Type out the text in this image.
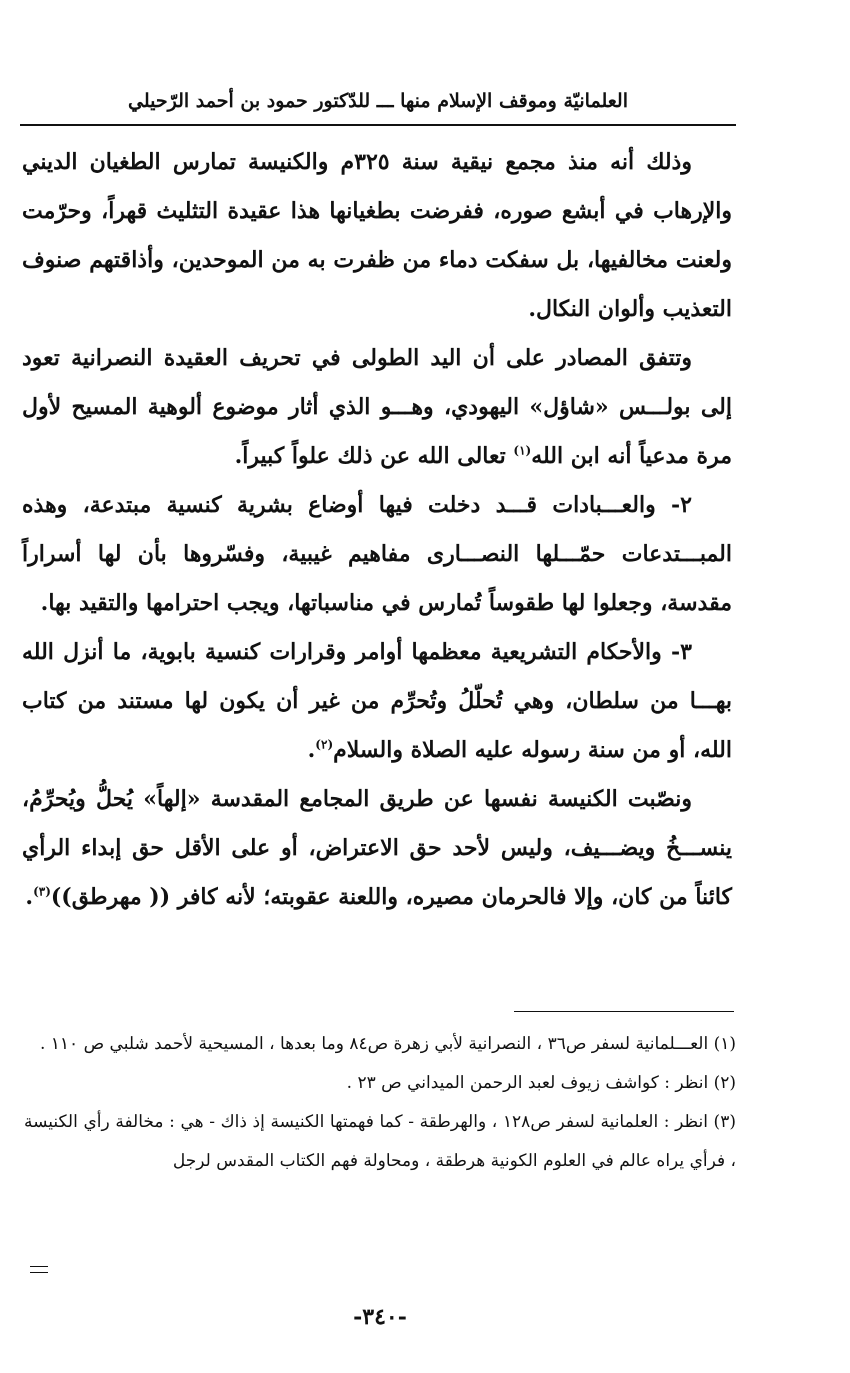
العلمانيّة وموقف الإسلام منها ـــ للدّكتور حمود بن أحمد الرّحيلي

وذلك أنه منذ مجمع نيقية سنة ٣٢٥م والكنيسة تمارس الطغيان الديني والإرهاب في أبشع صوره، ففرضت بطغيانها هذا عقيدة التثليث قهراً، وحرّمت ولعنت مخالفيها، بل سفكت دماء من ظفرت به من الموحدين، وأذاقتهم صنوف التعذيب وألوان النكال.

وتتفق المصادر على أن اليد الطولى في تحريف العقيدة النصرانية تعود إلى بولـــس «شاؤل» اليهودي، وهـــو الذي أثار موضوع ألوهية المسيح لأول مرة مدعياً أنه ابن الله$^{(١)}$ تعالى الله عن ذلك علواً كبيراً.

٢- والعـــبادات قـــد دخلت فيها أوضاع بشرية كنسية مبتدعة، وهذه المبـــتدعات حمّـــلها النصـــارى مفاهيم غيبية، وفسّروها بأن لها أسراراً مقدسة، وجعلوا لها طقوساً تُمارس في مناسباتها، ويجب احترامها والتقيد بها.

٣- والأحكام التشريعية معظمها أوامر وقرارات كنسية بابوية، ما أنزل الله بهـــا من سلطان، وهي تُحلّلُ وتُحرِّم من غير أن يكون لها مستند من كتاب الله، أو من سنة رسوله عليه الصلاة والسلام$^{(٢)}$.

ونصّبت الكنيسة نفسها عن طريق المجامع المقدسة «إلهاً» يُحلُّ ويُحرِّمُ، ينســـخُ ويضـــيف، وليس لأحد حق الاعتراض، أو على الأقل حق إبداء الرأي كائناً من كان، وإلا فالحرمان مصيره، واللعنة عقوبته؛ لأنه كافر (( مهرطق))$^{(٣)}$.

(١) العـــلمانية لسفر ص٣٦ ، النصرانية لأبي زهرة ص٨٤ وما بعدها ، المسيحية لأحمد شلبي ص ١١٠ .

(٢) انظر : كواشف زيوف لعبد الرحمن الميداني ص ٢٣ .

(٣) انظر : العلمانية لسفر ص١٢٨ ، والهرطقة - كما فهمتها الكنيسة إذ ذاك - هي : مخالفة رأي الكنيسة ، فرأي يراه عالم في العلوم الكونية هرطقة ، ومحاولة فهم الكتاب المقدس لرجل

-٣٤٠-
